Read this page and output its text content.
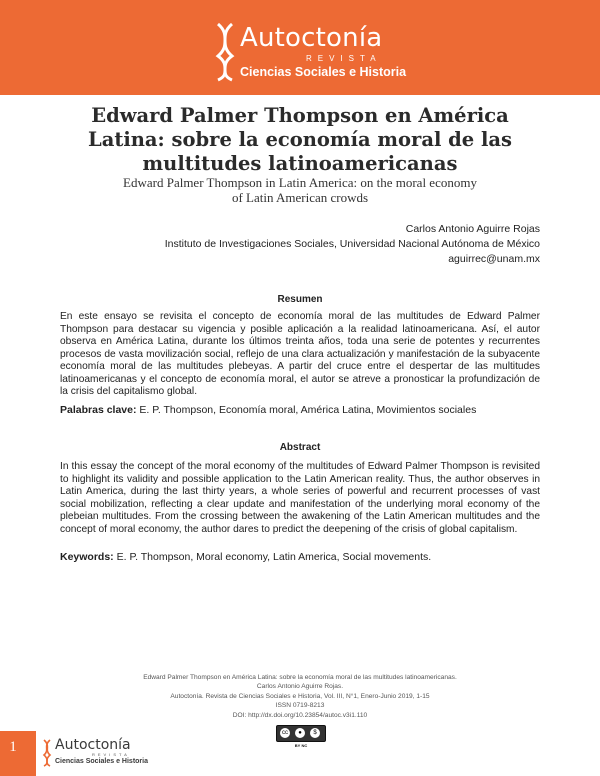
Autoctonía
REVISTA
Ciencias Sociales e Historia
Edward Palmer Thompson en América Latina: sobre la economía moral de las multitudes latinoamericanas
Edward Palmer Thompson in Latin America: on the moral economy of Latin American crowds
Carlos Antonio Aguirre Rojas
Instituto de Investigaciones Sociales, Universidad Nacional Autónoma de México
aguirrec@unam.mx
Resumen
En este ensayo se revisita el concepto de economía moral de las multitudes de Edward Palmer Thompson para destacar su vigencia y posible aplicación a la realidad latinoamericana. Así, el autor observa en América Latina, durante los últimos treinta años, toda una serie de potentes y recurrentes procesos de vasta movilización social, reflejo de una clara actualización y manifestación de la subyacente economía moral de las multitudes plebeyas. A partir del cruce entre el despertar de las multitudes latinoamericanas y el concepto de economía moral, el autor se atreve a pronosticar la profundización de la crisis del capitalismo global.
Palabras clave: E. P. Thompson, Economía moral, América Latina, Movimientos sociales
Abstract
In this essay the concept of the moral economy of the multitudes of Edward Palmer Thompson is revisited to highlight its validity and possible application to the Latin American reality. Thus, the author observes in Latin America, during the last thirty years, a whole series of powerful and recurrent processes of vast social mobilization, reflecting a clear update and manifestation of the underlying moral economy of the plebeian multitudes. From the crossing between the awakening of the Latin American multitudes and the concept of moral economy, the author dares to predict the deepening of the crisis of global capitalism.
Keywords: E. P. Thompson, Moral economy, Latin America, Social movements.
Edward Palmer Thompson en América Latina: sobre la economía moral de las multitudes latinoamericanas.
Carlos Antonio Aguirre Rojas.
Autoctonía. Revista de Ciencias Sociales e Historia, Vol. III, N°1, Enero-Junio 2019, 1-15
ISSN 0719-8213
DOI: http://dx.doi.org/10.23854/autoc.v3i1.110
cc	●	$
BY NC
1	Autoctonía
REVISTA
Ciencias Sociales e Historia
